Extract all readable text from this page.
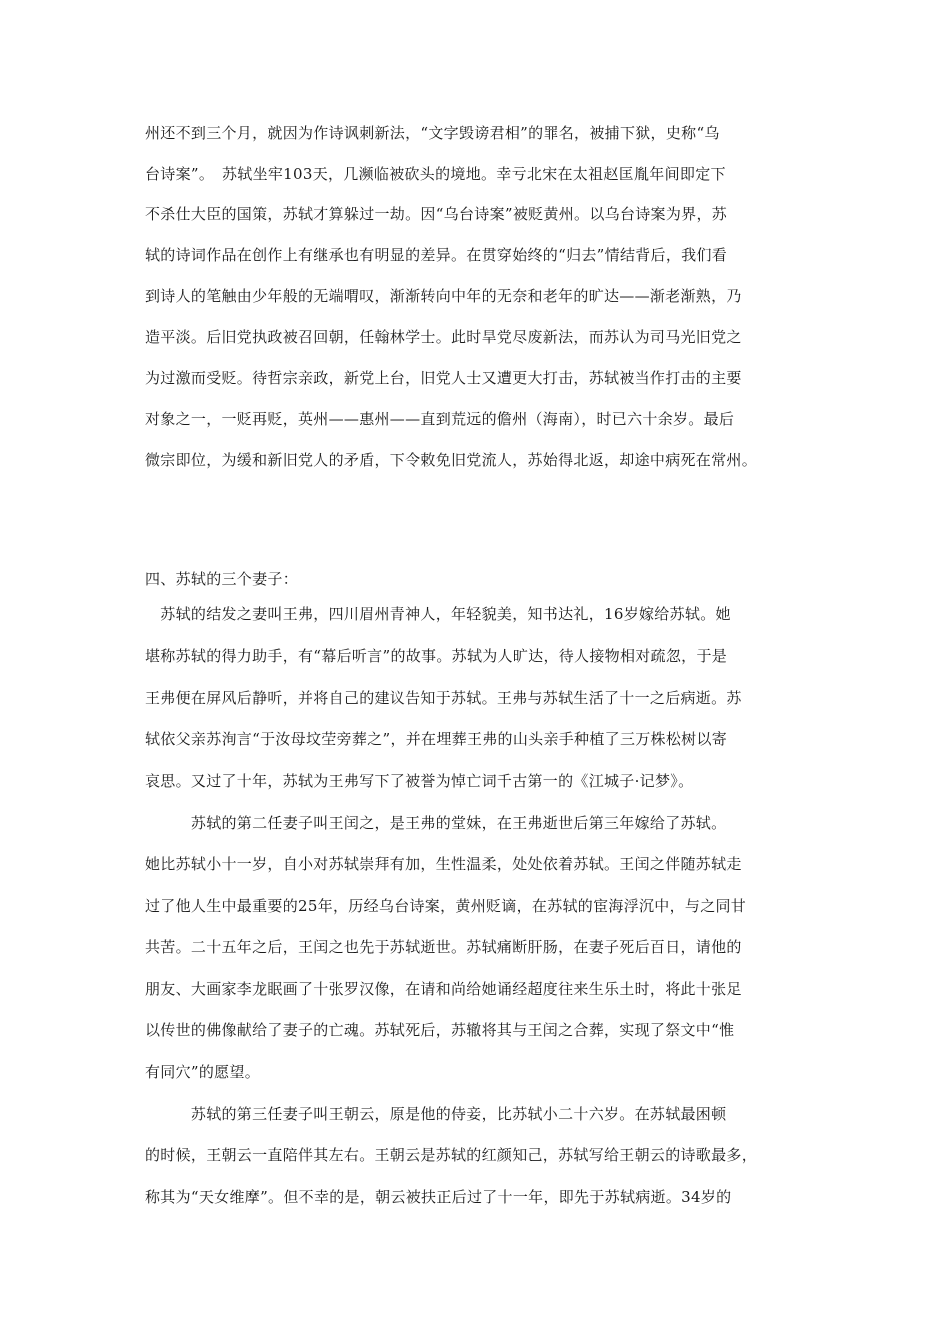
州还不到三个月，就因为作诗讽刺新法，“文字毁谤君相”的罪名，被捕下狱，史称“乌
台诗案”。　苏轼坐牢103天，几濒临被砍头的境地。幸亏北宋在太祖赵匡胤年间即定下
不杀仕大臣的国策，苏轼才算躲过一劫。因“乌台诗案”被贬黄州。以乌台诗案为界，苏
轼的诗词作品在创作上有继承也有明显的差异。在贯穿始终的“归去”情结背后，我们看
到诗人的笔触由少年般的无端喟叹，渐渐转向中年的无奈和老年的旷达——渐老渐熟，乃
造平淡。后旧党执政被召回朝，任翰林学士。此时旱党尽废新法，而苏认为司马光旧党之
为过激而受贬。待哲宗亲政，新党上台，旧党人士又遭更大打击，苏轼被当作打击的主要
对象之一，一贬再贬，英州——惠州——直到荒远的儋州（海南），时已六十余岁。最后
微宗即位，为缓和新旧党人的矛盾，下令敕免旧党流人，苏始得北返，却途中病死在常州。
四、苏轼的三个妻子：
　苏轼的结发之妻叫王弗，四川眉州青神人，年轻貌美，知书达礼，16岁嫁给苏轼。她
堪称苏轼的得力助手，有“幕后听言”的故事。苏轼为人旷达，待人接物相对疏忽，于是
王弗便在屏风后静听，并将自己的建议告知于苏轼。王弗与苏轼生活了十一之后病逝。苏
轼依父亲苏洵言“于汝母坟茔旁葬之”，并在埋葬王弗的山头亲手种植了三万株松树以寄
哀思。又过了十年，苏轼为王弗写下了被誉为悼亡词千古第一的《江城子·记梦》。
　　　苏轼的第二任妻子叫王闰之，是王弗的堂妹，在王弗逝世后第三年嫁给了苏轼。
她比苏轼小十一岁，自小对苏轼崇拜有加，生性温柔，处处依着苏轼。王闰之伴随苏轼走
过了他人生中最重要的25年，历经乌台诗案，黄州贬谪，在苏轼的宦海浮沉中，与之同甘
共苦。二十五年之后，王闰之也先于苏轼逝世。苏轼痛断肝肠，在妻子死后百日，请他的
朋友、大画家李龙眠画了十张罗汉像，在请和尚给她诵经超度往来生乐土时，将此十张足
以传世的佛像献给了妻子的亡魂。苏轼死后，苏辙将其与王闰之合葬，实现了祭文中“惟
有同穴”的愿望。
　　　苏轼的第三任妻子叫王朝云，原是他的侍妾，比苏轼小二十六岁。在苏轼最困顿
的时候，王朝云一直陪伴其左右。王朝云是苏轼的红颜知己，苏轼写给王朝云的诗歌最多，
称其为“天女维摩”。但不幸的是，朝云被扶正后过了十一年，即先于苏轼病逝。34岁的
